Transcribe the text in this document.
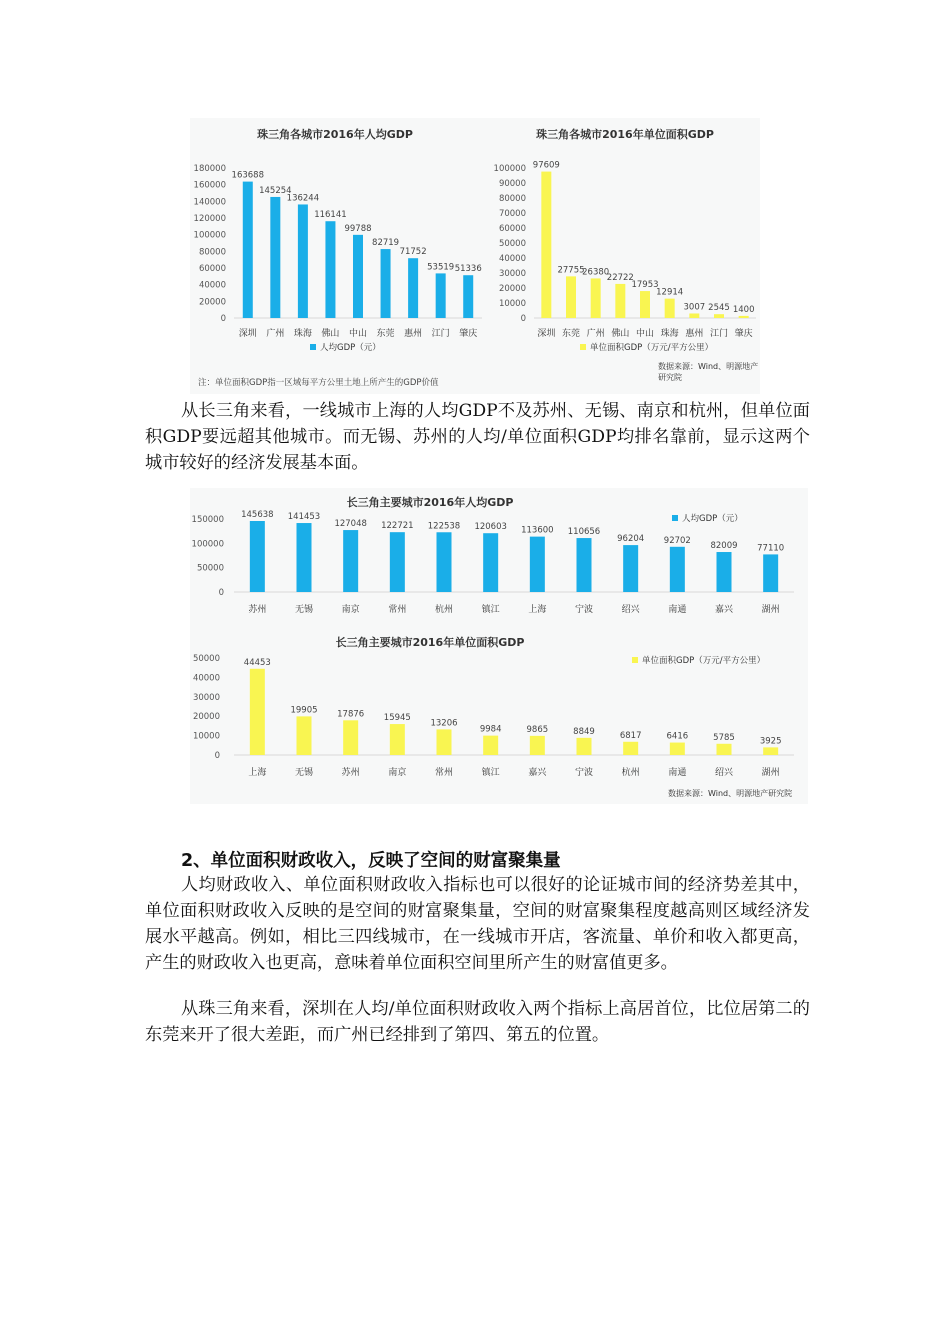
珠三角各城市2016年人均GDP
0
20000
40000
60000
80000
100000
120000
140000
160000
180000
163688
深圳
145254
广州
136244
珠海
116141
佛山
99788
中山
82719
东莞
71752
惠州
53519
江门
51336
肇庆
人均GDP（元）
珠三角各城市2016年单位面积GDP
0
10000
20000
30000
40000
50000
60000
70000
80000
90000
100000 97609
深圳
27755
东莞
26380
广州
22722
佛山
17953
中山
12914
珠海
3007
惠州
2545
江门
1400
肇庆
单位面积GDP（万元/平方公里）
注：单位面积GDP指一区域每平方公里土地上所产生的GDP价值
数据来源：Wind、明源地产研究院

从长三角来看，一线城市上海的人均GDP不及苏州、无锡、南京和杭州，但单位面积GDP要远超其他城市。而无锡、苏州的人均/单位面积GDP均排名靠前，显示这两个城市较好的经济发展基本面。

长三角主要城市2016年人均GDP
0
50000
100000
150000 145638
苏州
141453
无锡
127048
南京
122721
常州
122538
杭州
120603
镇江
113600
上海
110656
宁波
96204
绍兴
92702
南通
82009
嘉兴
77110
湖州
人均GDP（元）
长三角主要城市2016年单位面积GDP
0
10000
20000
30000
40000
50000	44453
上海
19905
无锡
17876
苏州
15945
南京
13206
常州
9984
镇江
9865
嘉兴
8849
宁波
6817
杭州
6416
南通
5785
绍兴
3925
湖州
单位面积GDP（万元/平方公里）
数据来源：Wind、明源地产研究院

2、单位面积财政收入，反映了空间的财富聚集量

人均财政收入、单位面积财政收入指标也可以很好的论证城市间的经济势差其中，单位面积财政收入反映的是空间的财富聚集量，空间的财富聚集程度越高则区域经济发展水平越高。例如，相比三四线城市，在一线城市开店，客流量、单价和收入都更高，产生的财政收入也更高，意味着单位面积空间里所产生的财富值更多。

从珠三角来看，深圳在人均/单位面积财政收入两个指标上高居首位，比位居第二的东莞来开了很大差距，而广州已经排到了第四、第五的位置。
